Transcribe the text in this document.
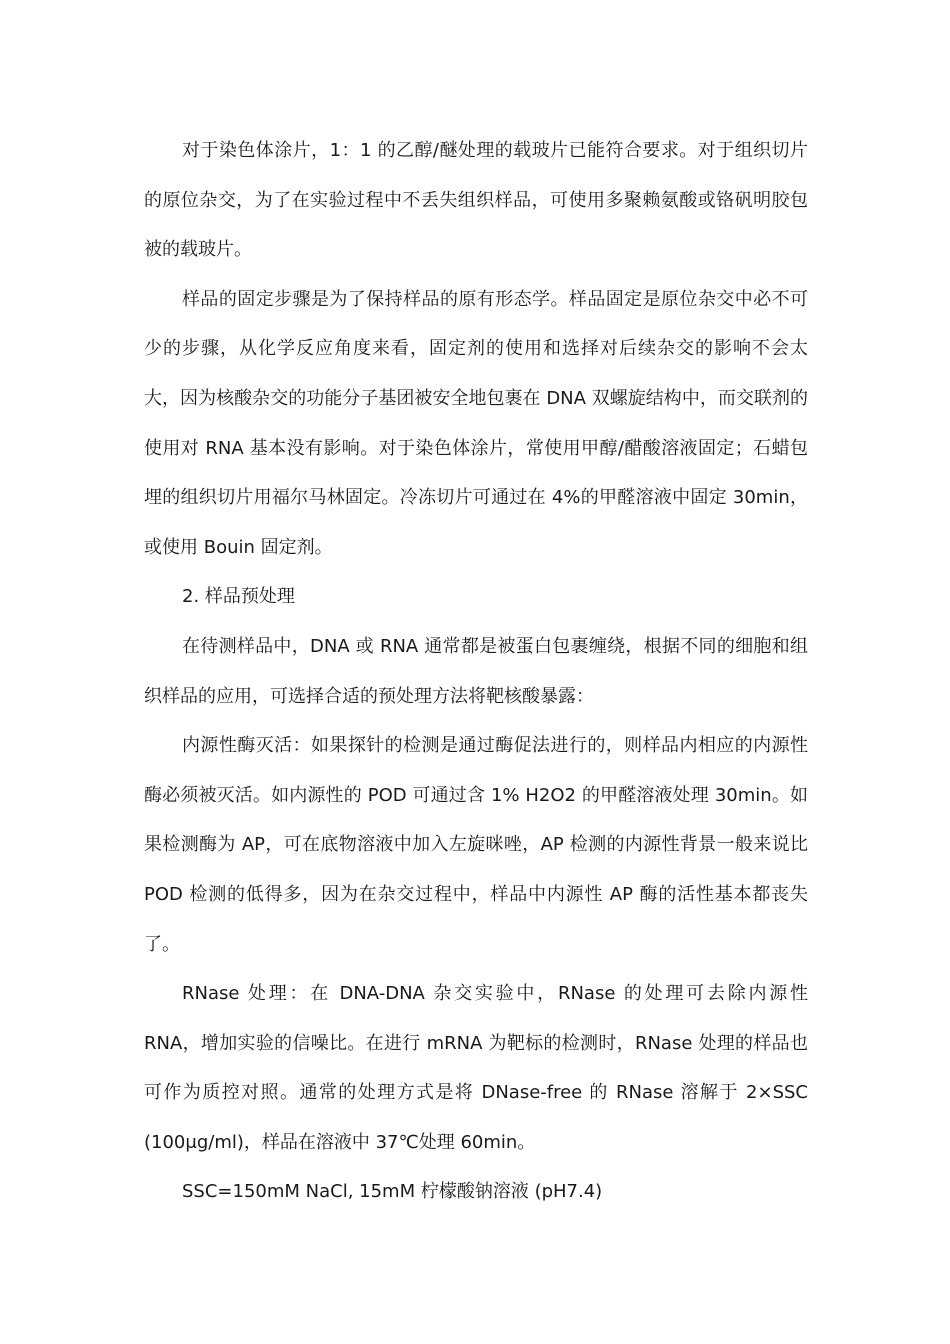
对于染色体涂片，1：1 的乙醇/醚处理的载玻片已能符合要求。对于组织切片的原位杂交，为了在实验过程中不丢失组织样品，可使用多聚赖氨酸或铬矾明胶包被的载玻片。

样品的固定步骤是为了保持样品的原有形态学。样品固定是原位杂交中必不可少的步骤，从化学反应角度来看，固定剂的使用和选择对后续杂交的影响不会太大，因为核酸杂交的功能分子基团被安全地包裹在 DNA 双螺旋结构中，而交联剂的使用对 RNA 基本没有影响。对于染色体涂片，常使用甲醇/醋酸溶液固定；石蜡包埋的组织切片用福尔马林固定。冷冻切片可通过在 4%的甲醛溶液中固定 30min，或使用 Bouin 固定剂。

2. 样品预处理

在待测样品中，DNA 或 RNA 通常都是被蛋白包裹缠绕，根据不同的细胞和组织样品的应用，可选择合适的预处理方法将靶核酸暴露：

内源性酶灭活：如果探针的检测是通过酶促法进行的，则样品内相应的内源性酶必须被灭活。如内源性的 POD 可通过含 1% H2O2 的甲醛溶液处理 30min。如果检测酶为 AP，可在底物溶液中加入左旋咪唑，AP 检测的内源性背景一般来说比 POD 检测的低得多，因为在杂交过程中，样品中内源性 AP 酶的活性基本都丧失了。

RNase 处理：在 DNA-DNA 杂交实验中，RNase 的处理可去除内源性 RNA，增加实验的信噪比。在进行 mRNA 为靶标的检测时，RNase 处理的样品也可作为质控对照。通常的处理方式是将 DNase-free 的 RNase 溶解于 2×SSC (100μg/ml)，样品在溶液中 37℃处理 60min。

SSC=150mM NaCl, 15mM 柠檬酸钠溶液 (pH7.4)
